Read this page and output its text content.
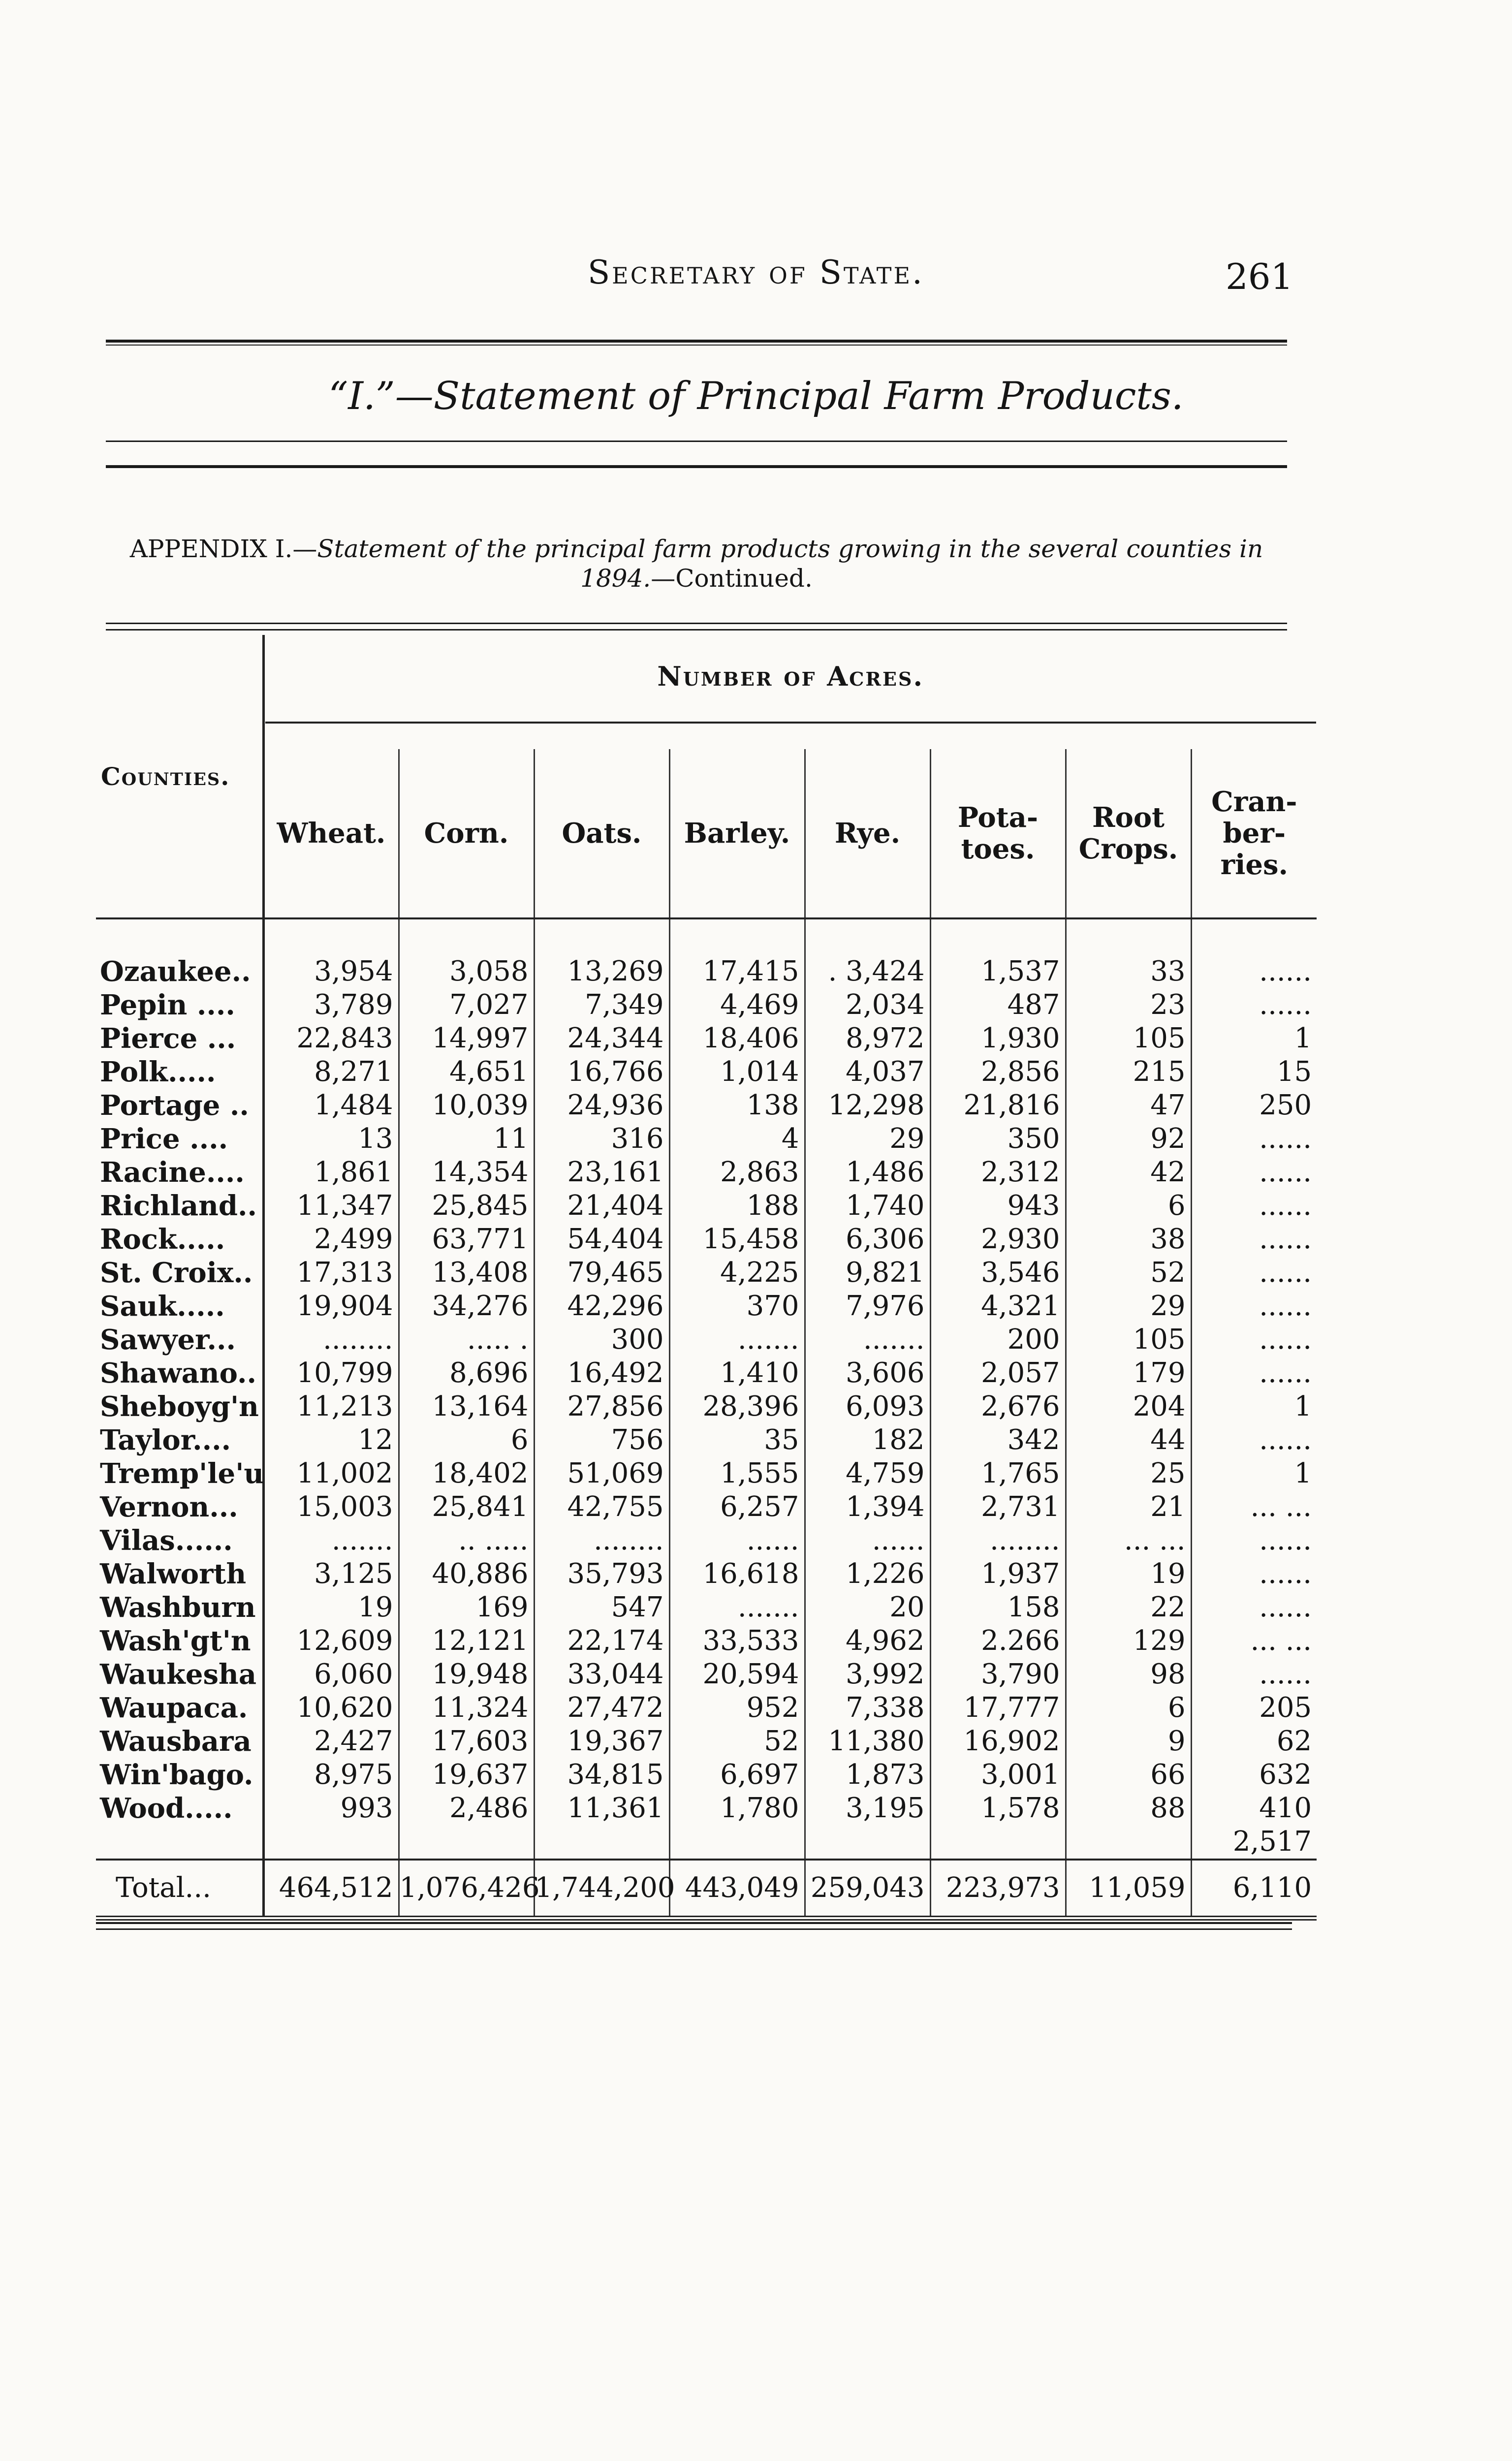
Secretary of State.	261
“I.”—Statement of Principal Farm Products.
APPENDIX I.—Statement of the principal farm products growing in the several counties in 1894.—Continued.
Counties.	Number of Acres.							

	Wheat.	Corn.	Oats.	Barley.	Rye.	Pota-toes.	Root Crops.	Cran-ber-ries.

Ozaukee..	3,954	3,058	13,269	17,415	. 3,424	1,537	33	......
Pepin ....	3,789	7,027	7,349	4,469	2,034	487	23	......
Pierce ...	22,843	14,997	24,344	18,406	8,972	1,930	105	1
Polk.....	8,271	4,651	16,766	1,014	4,037	2,856	215	15
Portage ..	1,484	10,039	24,936	138	12,298	21,816	47	250
Price ....	13	11	316	4	29	350	92	......
Racine....	1,861	14,354	23,161	2,863	1,486	2,312	42	......
Richland..	11,347	25,845	21,404	188	1,740	943	6	......
Rock.....	2,499	63,771	54,404	15,458	6,306	2,930	38	......
St. Croix..	17,313	13,408	79,465	4,225	9,821	3,546	52	......
Sauk.....	19,904	34,276	42,296	370	7,976	4,321	29	......
Sawyer...	........	..... .	300	.......	.......	200	105	......
Shawano..	10,799	8,696	16,492	1,410	3,606	2,057	179	......
Sheboyg'n	11,213	13,164	27,856	28,396	6,093	2,676	204	1
Taylor....	12	6	756	35	182	342	44	......
Tremp'le'u	11,002	18,402	51,069	1,555	4,759	1,765	25	1
Vernon...	15,003	25,841	42,755	6,257	1,394	2,731	21	... ...
Vilas......	.......	.. .....	........	......	......	........	... ...	......
Walworth	3,125	40,886	35,793	16,618	1,226	1,937	19	......
Washburn	19	169	547	.......	20	158	22	......
Wash'gt'n	12,609	12,121	22,174	33,533	4,962	2.266	129	... ...
Waukesha	6,060	19,948	33,044	20,594	3,992	3,790	98	......
Waupaca.	10,620	11,324	27,472	952	7,338	17,777	6	205
Wausbara	2,427	17,603	19,367	52	11,380	16,902	9	62
Win'bago.	8,975	19,637	34,815	6,697	1,873	3,001	66	632
Wood.....	993	2,486	11,361	1,780	3,195	1,578	88	410
								2,517
Total...	464,512	1,076,426	1,744,200	443,049	259,043	223,973	11,059	6,110
